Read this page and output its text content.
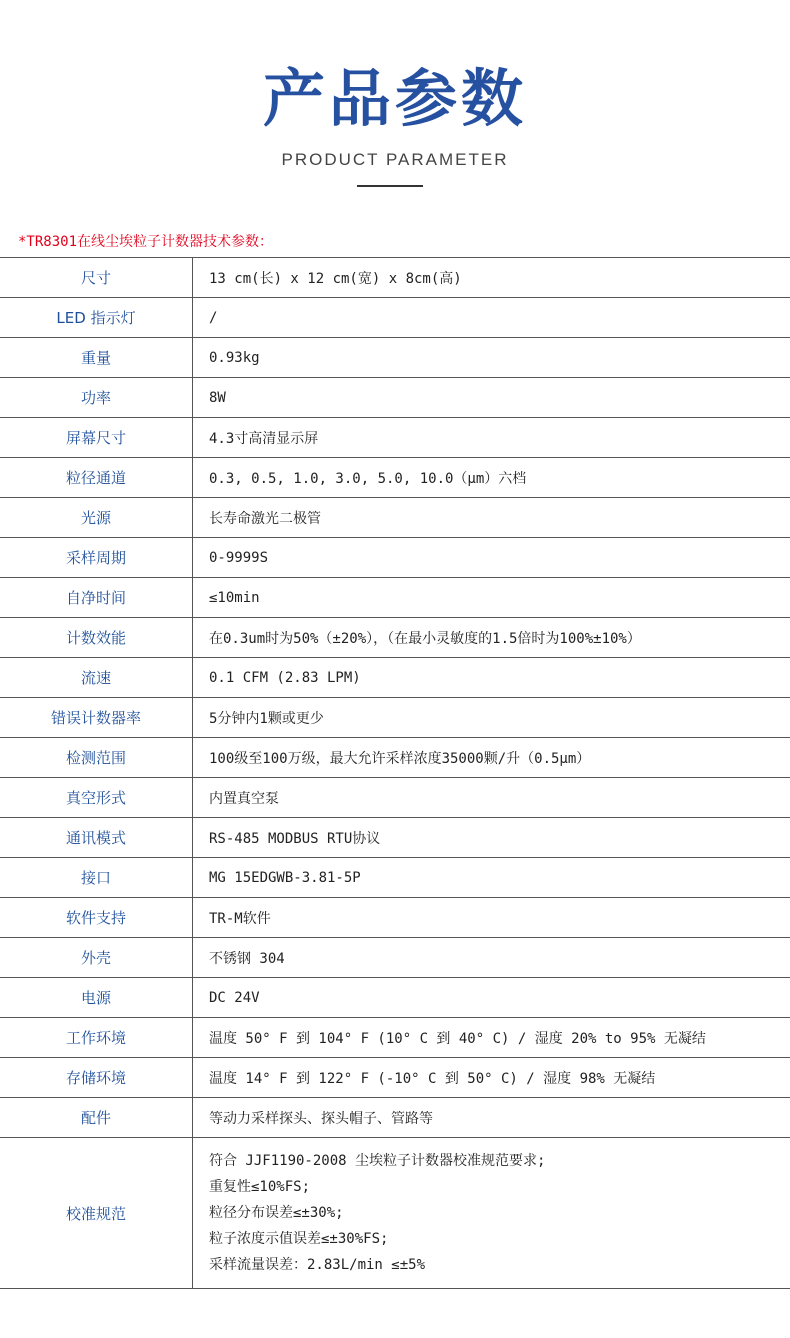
产品参数
PRODUCT PARAMETER
*TR8301在线尘埃粒子计数器技术参数：
尺寸	13 cm(长) x 12 cm(宽) x 8cm(高)
LED 指示灯	/
重量	0.93kg
功率	8W
屏幕尺寸	4.3寸高清显示屏
粒径通道	0.3, 0.5, 1.0, 3.0, 5.0, 10.0（μm）六档
光源	长寿命激光二极管
采样周期	0-9999S
自净时间	≤10min
计数效能	在0.3um时为50%（±20%），（在最小灵敏度的1.5倍时为100%±10%）
流速	0.1 CFM (2.83 LPM)
错误计数器率	5分钟内1颗或更少
检测范围	100级至100万级，最大允许采样浓度35000颗/升（0.5μm）
真空形式	内置真空泵
通讯模式	RS-485 MODBUS RTU协议
接口	MG 15EDGWB-3.81-5P
软件支持	TR-M软件
外壳	不锈钢 304
电源	DC 24V
工作环境	温度 50° F 到 104° F (10° C 到 40° C) / 湿度 20% to 95% 无凝结
存储环境	温度 14° F 到 122° F (-10° C 到 50° C) / 湿度 98% 无凝结
配件	等动力采样探头、探头帽子、管路等
校准规范	符合 JJF1190-2008 尘埃粒子计数器校准规范要求;
重复性≤10%FS;
粒径分布误差≤±30%;
粒子浓度示值误差≤±30%FS;
采样流量误差：2.83L/min ≤±5%
